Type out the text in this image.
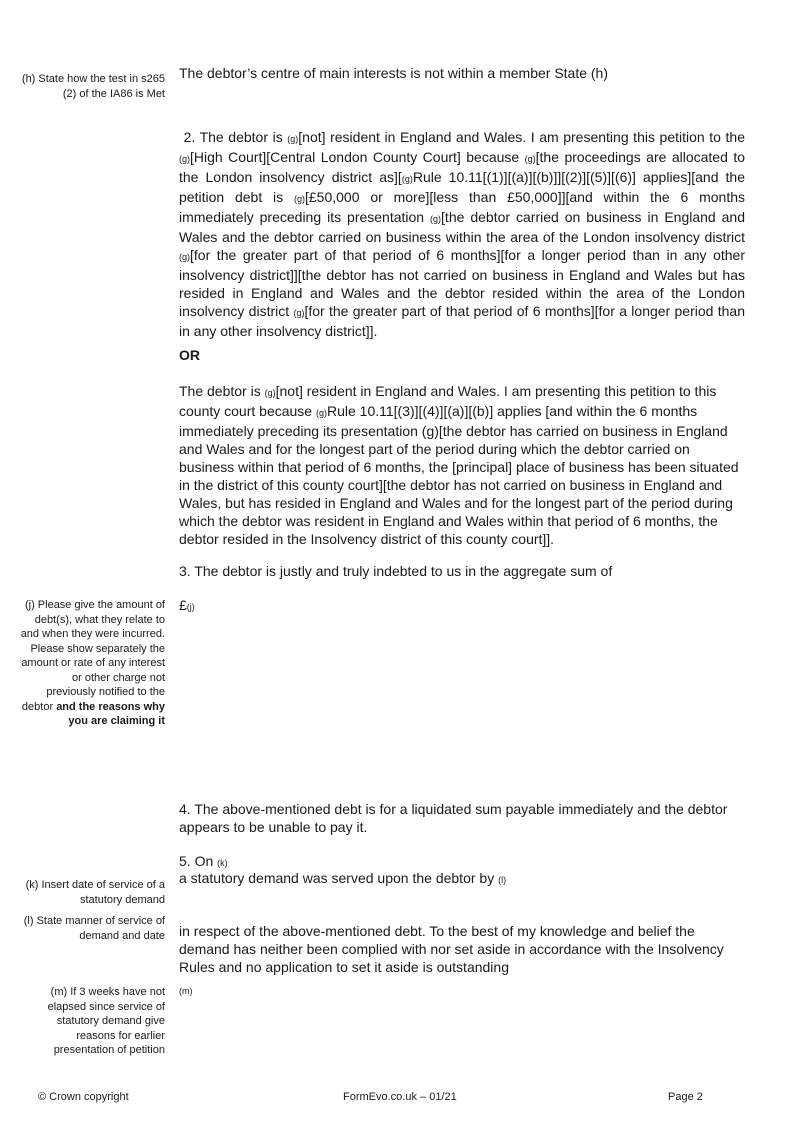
(h) State how the test in s265 (2) of the IA86 is Met
(j) Please give the amount of debt(s), what they relate to and when they were incurred. Please show separately the amount or rate of any interest or other charge not previously notified to the debtor and the reasons why you are claiming it
(k) Insert date of service of a statutory demand
(l) State manner of service of demand and date
(m) If 3 weeks have not elapsed since service of statutory demand give reasons for earlier presentation of petition
The debtor’s centre of main interests is not within a member State (h)
2. The debtor is (g)[not] resident in England and Wales. I am presenting this petition to the (g)[High Court][Central London County Court] because (g)[the proceedings are allocated to the London insolvency district as][(g)Rule 10.11[(1)][(a)][(b)]][(2)][(5)][(6)] applies][and the petition debt is (g)[£50,000 or more][less than £50,000]][and within the 6 months immediately preceding its presentation (g)[the debtor carried on business in England and Wales and the debtor carried on business within the area of the London insolvency district (g)[for the greater part of that period of 6 months][for a longer period than in any other insolvency district]][the debtor has not carried on business in England and Wales but has resided in England and Wales and the debtor resided within the area of the London insolvency district (g)[for the greater part of that period of 6 months][for a longer period than in any other insolvency district]].
OR
The debtor is (g)[not] resident in England and Wales. I am presenting this petition to this county court because (g)Rule 10.11[(3)][(4)][(a)][(b)] applies [and within the 6 months immediately preceding its presentation (g)[the debtor has carried on business in England and Wales and for the longest part of the period during which the debtor carried on business within that period of 6 months, the [principal] place of business has been situated in the district of this county court][the debtor has not carried on business in England and Wales, but has resided in England and Wales and for the longest part of the period during which the debtor was resident in England and Wales within that period of 6 months, the debtor resided in the Insolvency district of this county court]].
3. The debtor is justly and truly indebted to us in the aggregate sum of
£(j)
4. The above-mentioned debt is for a liquidated sum payable immediately and the debtor appears to be unable to pay it.
5. On (k)
a statutory demand was served upon the debtor by (l)
in respect of the above-mentioned debt. To the best of my knowledge and belief the demand has neither been complied with nor set aside in accordance with the Insolvency Rules and no application to set it aside is outstanding
(m)
© Crown copyright	FormEvo.co.uk – 01/21	Page 2
